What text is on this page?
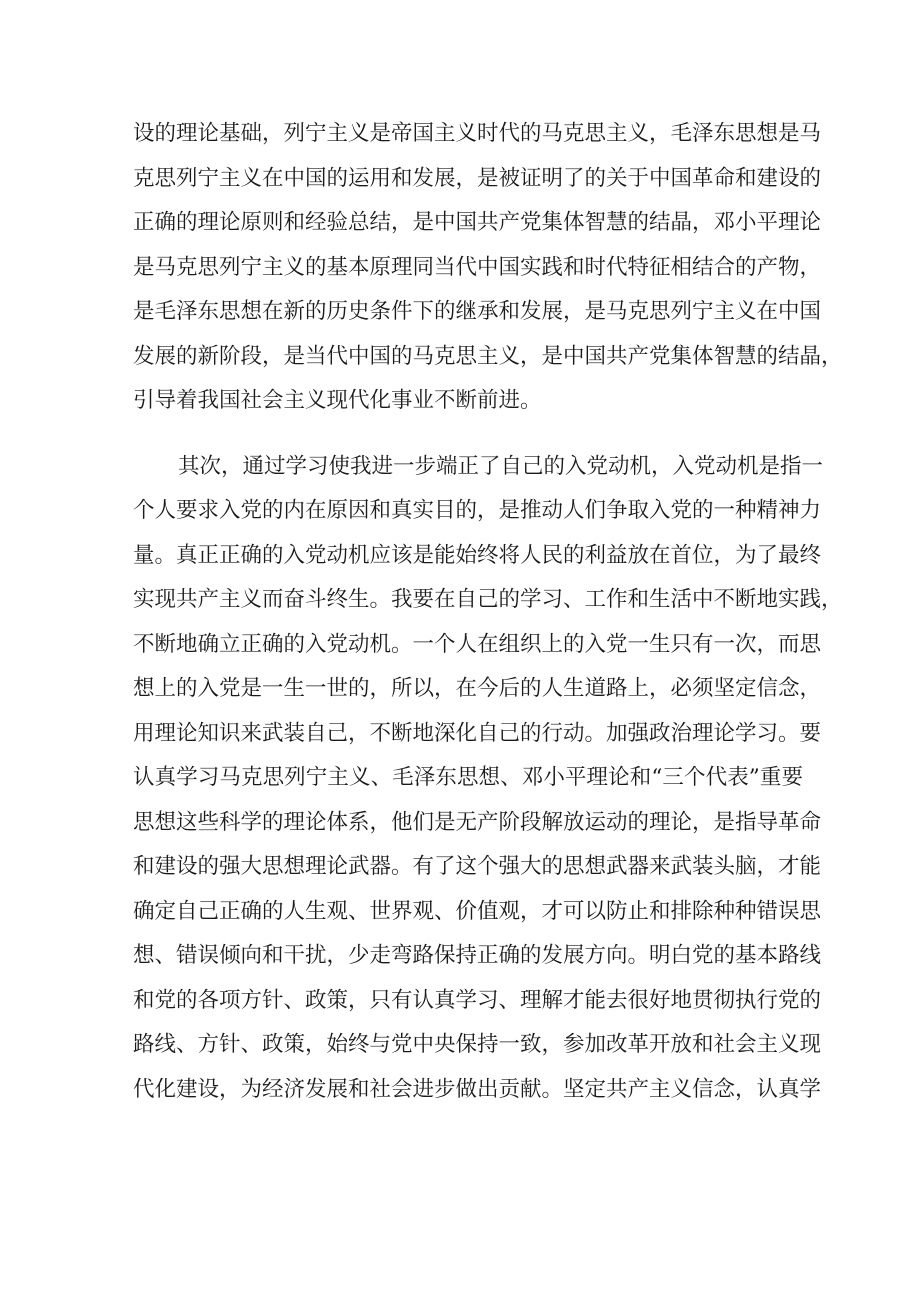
设的理论基础，列宁主义是帝国主义时代的马克思主义，毛泽东思想是马
克思列宁主义在中国的运用和发展，是被证明了的关于中国革命和建设的
正确的理论原则和经验总结，是中国共产党集体智慧的结晶，邓小平理论
是马克思列宁主义的基本原理同当代中国实践和时代特征相结合的产物，
是毛泽东思想在新的历史条件下的继承和发展，是马克思列宁主义在中国
发展的新阶段，是当代中国的马克思主义，是中国共产党集体智慧的结晶，
引导着我国社会主义现代化事业不断前进。
其次，通过学习使我进一步端正了自己的入党动机，入党动机是指一
个人要求入党的内在原因和真实目的，是推动人们争取入党的一种精神力
量。真正正确的入党动机应该是能始终将人民的利益放在首位，为了最终
实现共产主义而奋斗终生。我要在自己的学习、工作和生活中不断地实践，
不断地确立正确的入党动机。一个人在组织上的入党一生只有一次，而思
想上的入党是一生一世的，所以，在今后的人生道路上，必须坚定信念，
用理论知识来武装自己，不断地深化自己的行动。加强政治理论学习。要
认真学习马克思列宁主义、毛泽东思想、邓小平理论和“三个代表”重要
思想这些科学的理论体系，他们是无产阶段解放运动的理论，是指导革命
和建设的强大思想理论武器。有了这个强大的思想武器来武装头脑，才能
确定自己正确的人生观、世界观、价值观，才可以防止和排除种种错误思
想、错误倾向和干扰，少走弯路保持正确的发展方向。明白党的基本路线
和党的各项方针、政策，只有认真学习、理解才能去很好地贯彻执行党的
路线、方针、政策，始终与党中央保持一致，参加改革开放和社会主义现
代化建设，为经济发展和社会进步做出贡献。坚定共产主义信念，认真学
